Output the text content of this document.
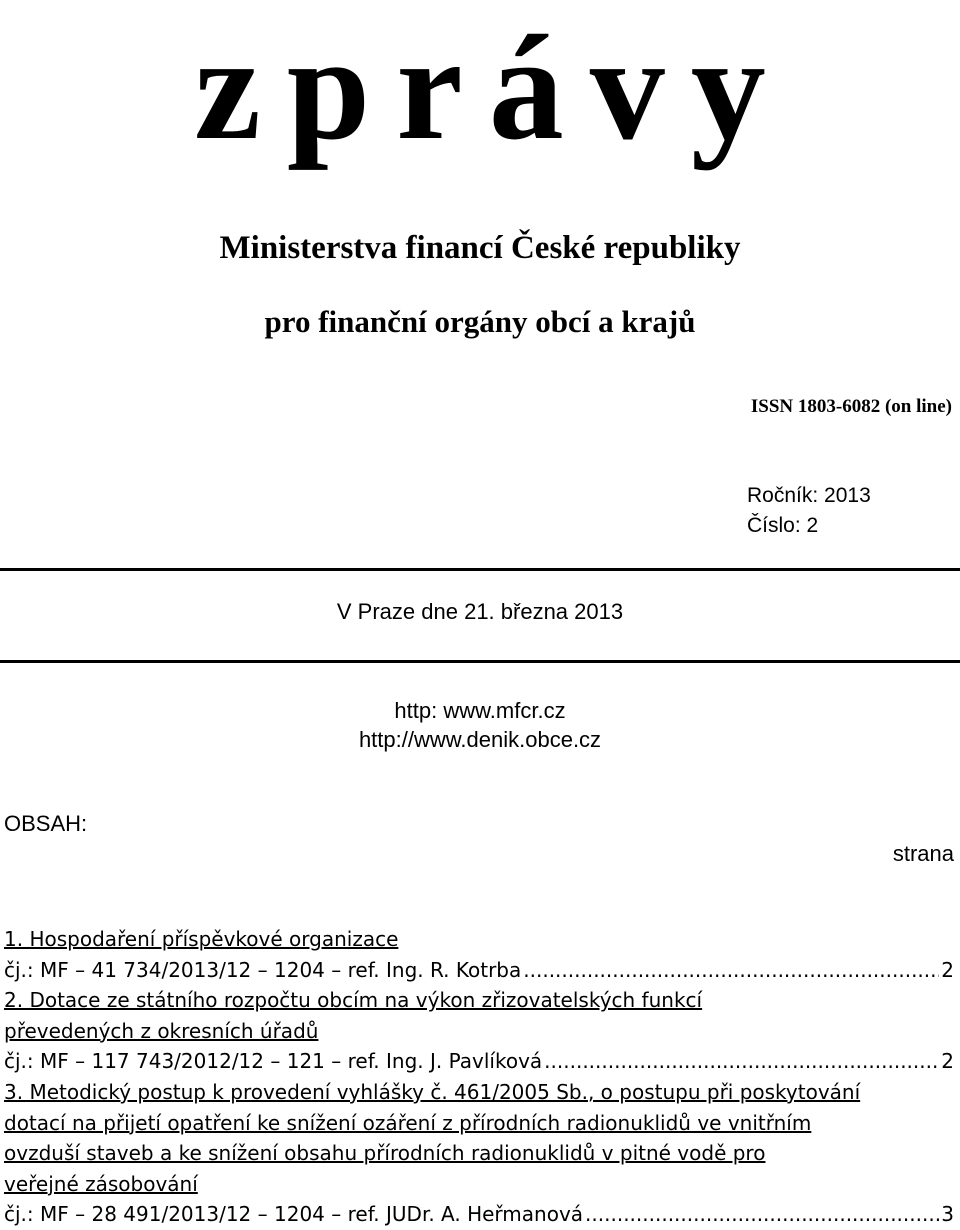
zprávy
Ministerstva financí České republiky
pro finanční orgány obcí a krajů
ISSN 1803-6082 (on line)
Ročník: 2013
Číslo: 2
V Praze dne 21. března 2013
http: www.mfcr.cz
http://www.denik.obce.cz
OBSAH:
strana
1. Hospodaření příspěvkové organizace
čj.: MF – 41 734/2013/12 – 1204 – ref. Ing. R. Kotrba .....	2
2. Dotace ze státního rozpočtu obcím na výkon zřizovatelských funkcí
převedených z okresních úřadů
čj.: MF – 117 743/2012/12 – 121 – ref. Ing. J. Pavlíková .....	2
3. Metodický postup k provedení vyhlášky č. 461/2005 Sb., o postupu při poskytování
dotací na přijetí opatření ke snížení ozáření z přírodních radionuklidů ve vnitřním
ovzduší staveb a ke snížení obsahu přírodních radionuklidů v pitné vodě pro
veřejné zásobování
čj.: MF – 28 491/2013/12 – 1204 – ref. JUDr. A. Heřmanová .....	3
